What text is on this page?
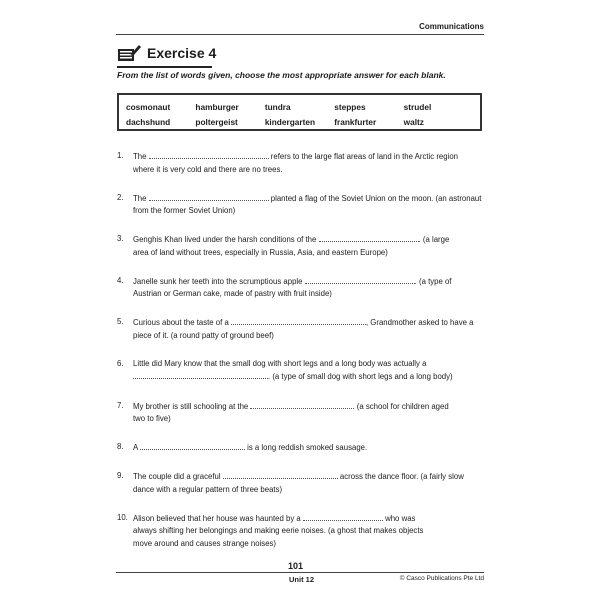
Communications
Exercise 4
From the list of words given, choose the most appropriate answer for each blank.
cosmonaut	hamburger	tundra	steppes	strudel
dachshund	poltergeist	kindergarten	frankfurter	waltz
1. The	refers to the large flat areas of land in the Arctic region
where it is very cold and there are no trees.
2. The	planted a flag of the Soviet Union on the moon. (an astronaut
from the former Soviet Union)
3. Genghis Khan lived under the harsh conditions of the	. (a large
area of land without trees, especially in Russia, Asia, and eastern Europe)
4. Janelle sunk her teeth into the scrumptious apple	. (a type of
Austrian or German cake, made of pastry with fruit inside)
5. Curious about the taste of a	, Grandmother asked to have a
piece of it. (a round patty of ground beef)
6. Little did Mary know that the small dog with short legs and a long body was actually a
. (a type of small dog with short legs and a long body)
7. My brother is still schooling at the	. (a school for children aged
two to five)
8. A	is a long reddish smoked sausage.
9. The couple did a graceful	across the dance floor. (a fairly slow
dance with a regular pattern of three beats)
10. Alison believed that her house was haunted by a	who was
always shifting her belongings and making eerie noises. (a ghost that makes objects
move around and causes strange noises)
101
Unit 12	© Casco Publications Pte Ltd
